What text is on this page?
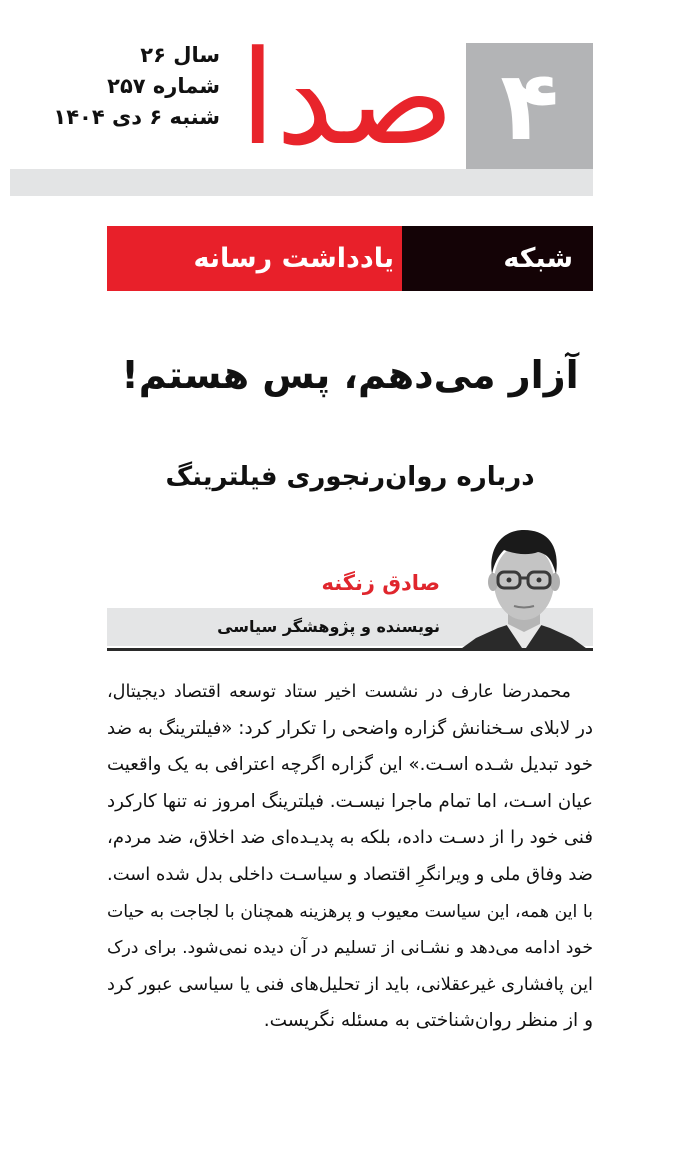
۴
صدا
سال ۲۶
شماره ۲۵۷
شنبه ۶ دی ۱۴۰۴
شبکه
یادداشت رسانه
آزار می‌دهم، پس هستم!
درباره روان‌رنجوری فیلترینگ
صادق زنگنه
نویسنده و پژوهشگر سیاسی
محمدرضا عارف در نشست اخیر ستاد توسعه اقتصاد دیجیتال،
در لابلای سـخنانش گزاره واضحی را تکرار کرد: «فیلترینگ به ضد
خود تبدیل شـده اسـت.» این گزاره اگرچه اعترافی به یک واقعیت
عیان اسـت، اما تمام ماجرا نیسـت. فیلترینگ امروز نه تنها کارکرد
فنی خود را از دسـت داده، بلکه به پدیـده‌ای ضد اخلاق، ضد مردم،
ضد وفاق ملی و ویرانگرِ اقتصاد و سیاسـت داخلی بدل شده است.
با این همه، این سیاست معیوب و پرهزینه همچنان با لجاجت به حیات
خود ادامه می‌دهد و نشـانی از تسلیم در آن دیده نمی‌شود. برای درک
این پافشاری غیرعقلانی، باید از تحلیل‌های فنی یا سیاسی عبور کرد
و از منظر روان‌شناختی به مسئله نگریست.
